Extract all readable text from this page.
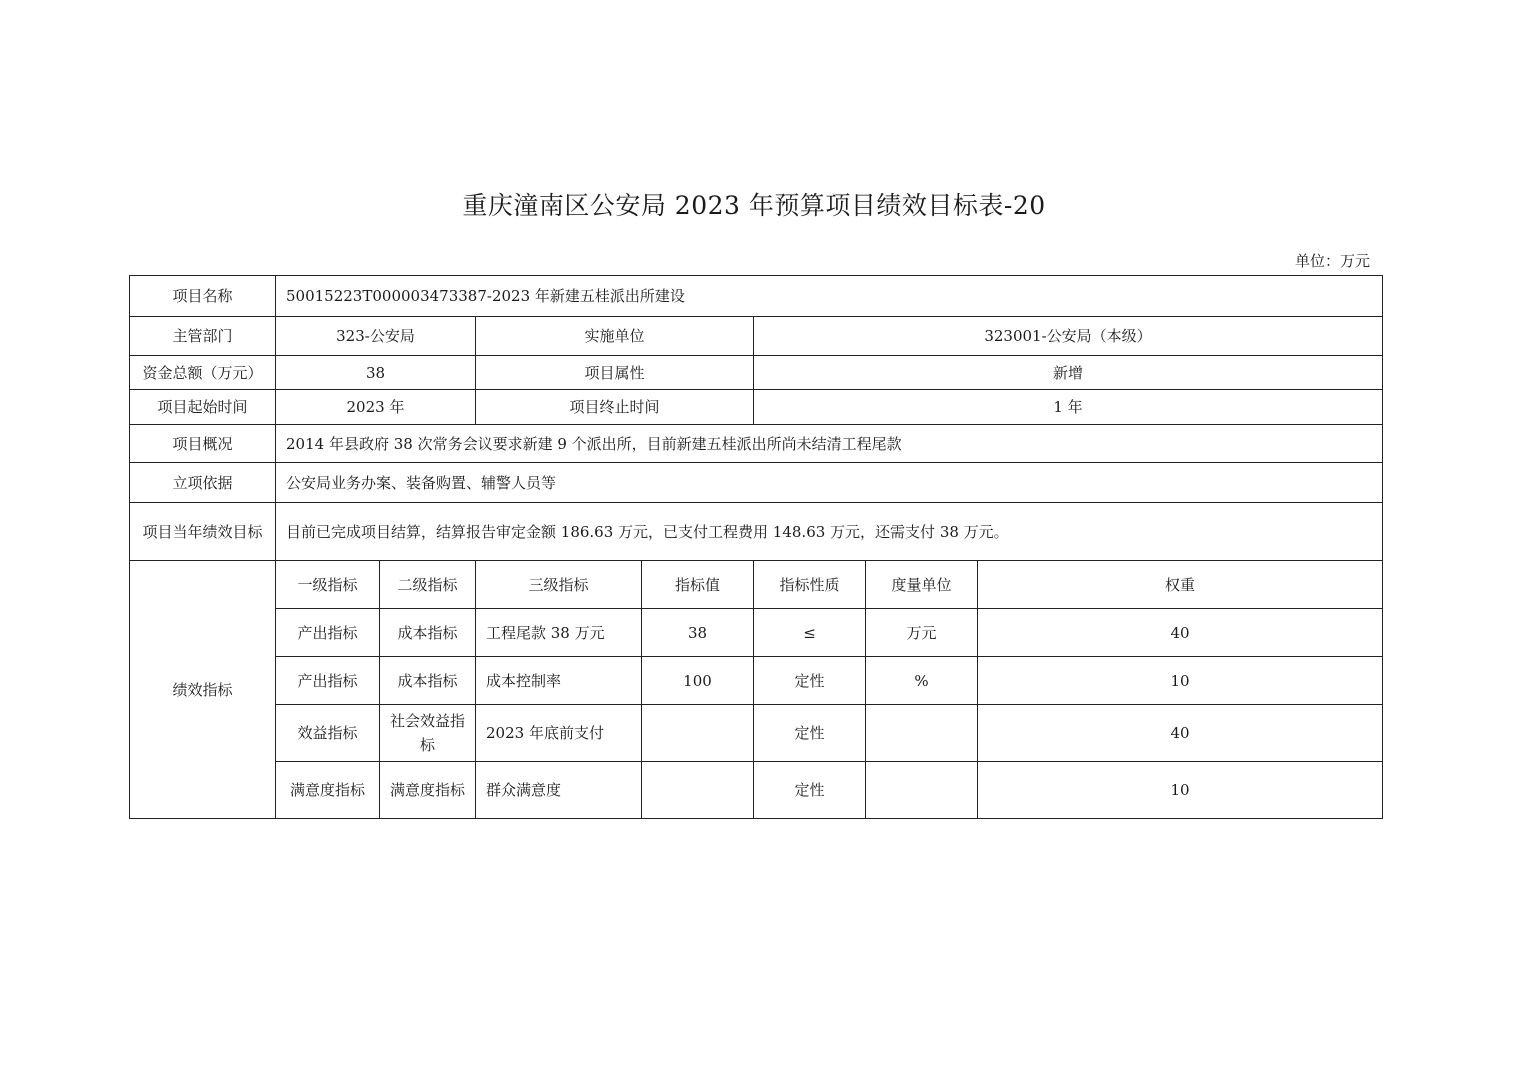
重庆潼南区公安局 2023 年预算项目绩效目标表-20
单位：万元
项目名称	50015223T000003473387-2023 年新建五桂派出所建设						
主管部门	323-公安局		实施单位		323001-公安局（本级）		
资金总额（万元）	38		项目属性		新增		
项目起始时间	2023 年		项目终止时间		1 年		
项目概况	2014 年县政府 38 次常务会议要求新建 9 个派出所，目前新建五桂派出所尚未结清工程尾款						
立项依据	公安局业务办案、装备购置、辅警人员等						
项目当年绩效目标	目前已完成项目结算，结算报告审定金额 186.63 万元，已支付工程费用 148.63 万元，还需支付 38 万元。						
绩效指标	一级指标	二级指标	三级指标	指标值	指标性质	度量单位	权重
	产出指标	成本指标	工程尾款 38 万元	38	≤	万元	40
	产出指标	成本指标	成本控制率	100	定性	%	10
	效益指标	社会效益指标	2023 年底前支付		定性		40
	满意度指标	满意度指标	群众满意度		定性		10
